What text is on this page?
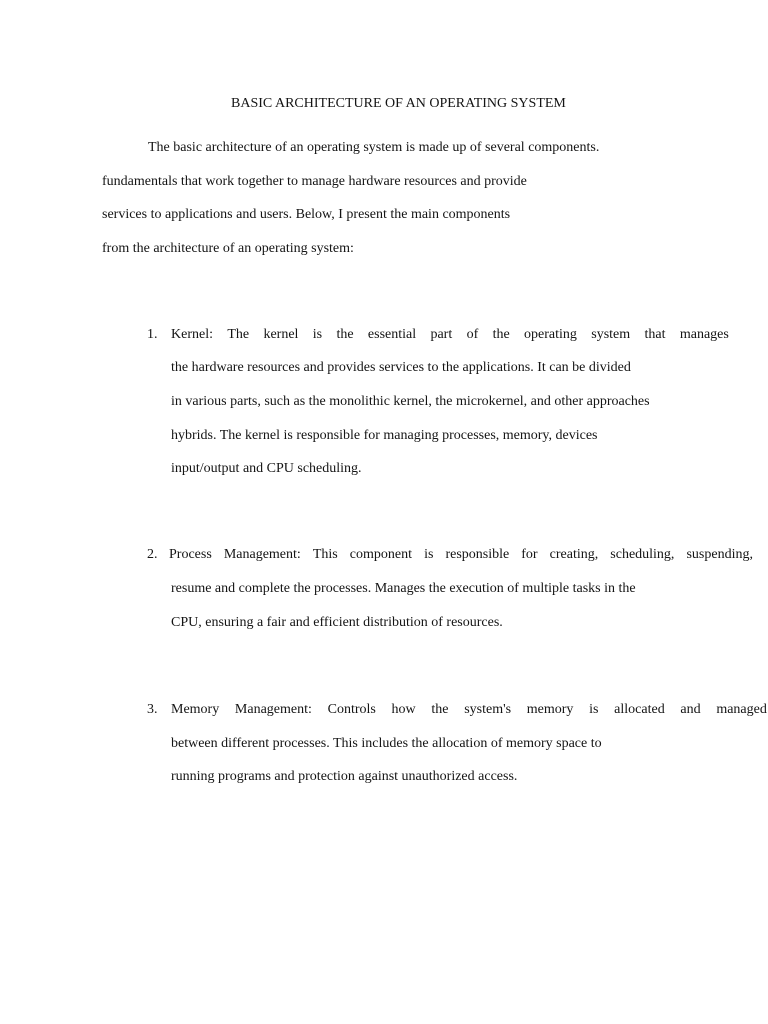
BASIC ARCHITECTURE OF AN OPERATING SYSTEM
The basic architecture of an operating system is made up of several components.
fundamentals that work together to manage hardware resources and provide
services to applications and users. Below, I present the main components
from the architecture of an operating system:
1. Kernel: The kernel is the essential part of the operating system that manages
the hardware resources and provides services to the applications. It can be divided
in various parts, such as the monolithic kernel, the microkernel, and other approaches
hybrids. The kernel is responsible for managing processes, memory, devices
input/output and CPU scheduling.
2. Process Management: This component is responsible for creating, scheduling, suspending,
resume and complete the processes. Manages the execution of multiple tasks in the
CPU, ensuring a fair and efficient distribution of resources.
3. Memory Management: Controls how the system's memory is allocated and managed
between different processes. This includes the allocation of memory space to
running programs and protection against unauthorized access.
